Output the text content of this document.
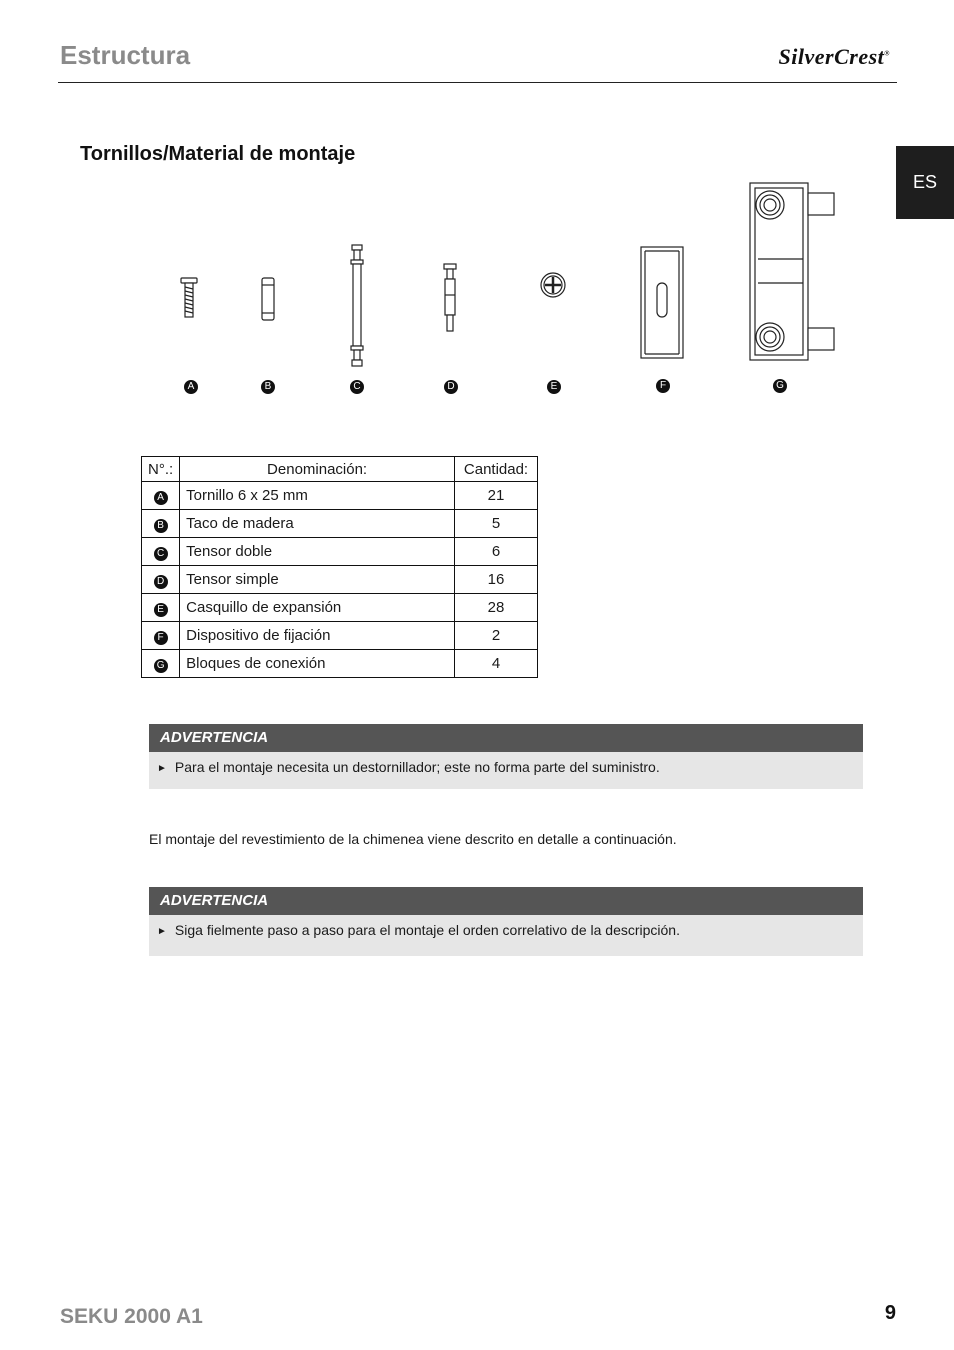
Estructura	SilverCrest®
ES
Tornillos/Material de montaje
A	B	C	D	E	F	G
N°.:	Denominación:	Cantidad:
A	Tornillo 6 x 25 mm	21
B	Taco de madera	5
C	Tensor doble	6
D	Tensor simple	16
E	Casquillo de expansión	28
F	Dispositivo de fijación	2
G	Bloques de conexión	4
ADVERTENCIA
► Para el montaje necesita un destornillador; este no forma parte del suministro.
El montaje del revestimiento de la chimenea viene descrito en detalle a continuación.
ADVERTENCIA
► Siga fielmente paso a paso para el montaje el orden correlativo de la descripción.
SEKU 2000 A1	9
